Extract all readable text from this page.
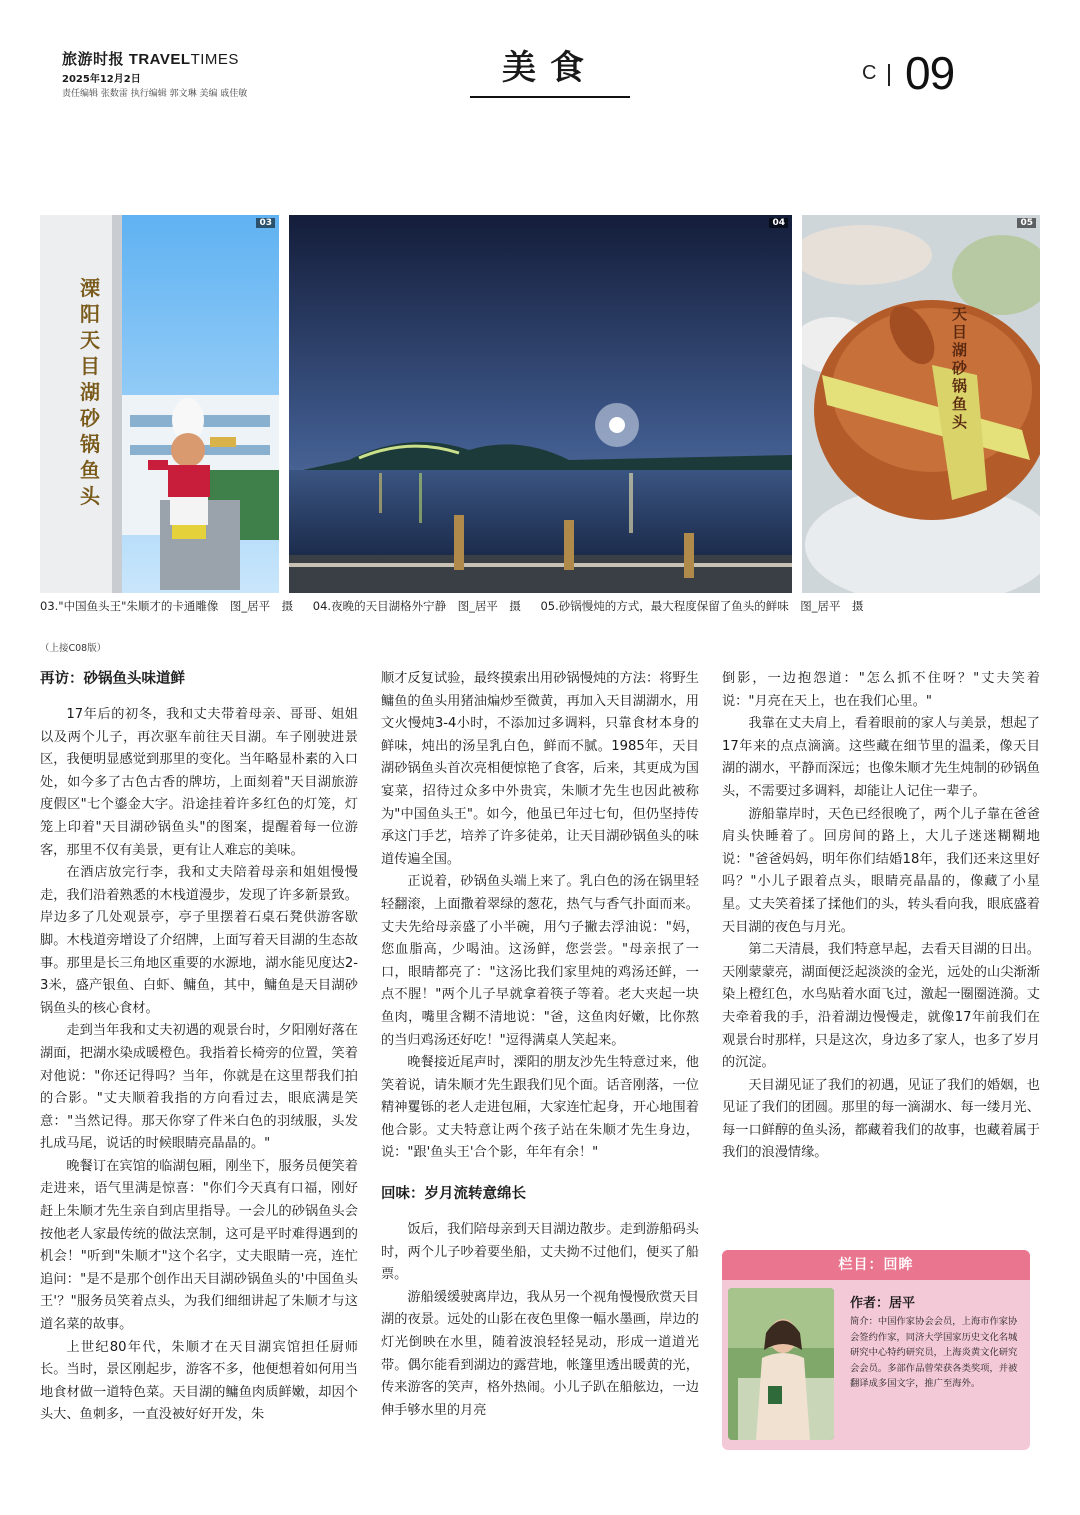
旅游时报 TRAVELTIMES
2025年12月2日
责任编辑 张数雷 执行编辑 郭文琳 美编 戚佳敏
美食	C 09
溧阳天目湖砂锅鱼头
03	04
天目湖砂锅鱼头
05
03."中国鱼头王"朱顺才的卡通雕像　图_居平　摄 04.夜晚的天目湖格外宁静　图_居平　摄 05.砂锅慢炖的方式，最大程度保留了鱼头的鲜味　图_居平　摄
（上接C08版）
再访：砂锅鱼头味道鲜

17年后的初冬，我和丈夫带着母亲、哥哥、姐姐以及两个儿子，再次驱车前往天目湖。车子刚驶进景区，我便明显感觉到那里的变化。当年略显朴素的入口处，如今多了古色古香的牌坊，上面刻着"天目湖旅游度假区"七个鎏金大字。沿途挂着许多红色的灯笼，灯笼上印着"天目湖砂锅鱼头"的图案，提醒着每一位游客，那里不仅有美景，更有让人难忘的美味。

在酒店放完行李，我和丈夫陪着母亲和姐姐慢慢走，我们沿着熟悉的木栈道漫步，发现了许多新景致。岸边多了几处观景亭，亭子里摆着石桌石凳供游客歇脚。木栈道旁增设了介绍牌，上面写着天目湖的生态故事。那里是长三角地区重要的水源地，湖水能见度达2-3米，盛产银鱼、白虾、鳙鱼，其中，鳙鱼是天目湖砂锅鱼头的核心食材。

走到当年我和丈夫初遇的观景台时，夕阳刚好落在湖面，把湖水染成暖橙色。我指着长椅旁的位置，笑着对他说："你还记得吗？当年，你就是在这里帮我们拍的合影。"丈夫顺着我指的方向看过去，眼底满是笑意："当然记得。那天你穿了件米白色的羽绒服，头发扎成马尾，说话的时候眼睛亮晶晶的。"

晚餐订在宾馆的临湖包厢，刚坐下，服务员便笑着走进来，语气里满是惊喜："你们今天真有口福，刚好赶上朱顺才先生亲自到店里指导。一会儿的砂锅鱼头会按他老人家最传统的做法烹制，这可是平时难得遇到的机会！"听到"朱顺才"这个名字，丈夫眼睛一亮，连忙追问："是不是那个创作出天目湖砂锅鱼头的'中国鱼头王'？"服务员笑着点头，为我们细细讲起了朱顺才与这道名菜的故事。

上世纪80年代，朱顺才在天目湖宾馆担任厨师长。当时，景区刚起步，游客不多，他便想着如何用当地食材做一道特色菜。天目湖的鳙鱼肉质鲜嫩，却因个头大、鱼刺多，一直没被好好开发，朱

顺才反复试验，最终摸索出用砂锅慢炖的方法：将野生鳙鱼的鱼头用猪油煸炒至微黄，再加入天目湖湖水，用文火慢炖3-4小时，不添加过多调料，只靠食材本身的鲜味，炖出的汤呈乳白色，鲜而不腻。1985年，天目湖砂锅鱼头首次亮相便惊艳了食客，后来，其更成为国宴菜，招待过众多中外贵宾，朱顺才先生也因此被称为"中国鱼头王"。如今，他虽已年过七旬，但仍坚持传承这门手艺，培养了许多徒弟，让天目湖砂锅鱼头的味道传遍全国。

正说着，砂锅鱼头端上来了。乳白色的汤在锅里轻轻翻滚，上面撒着翠绿的葱花，热气与香气扑面而来。丈夫先给母亲盛了小半碗，用勺子撇去浮油说："妈，您血脂高，少喝油。这汤鲜，您尝尝。"母亲抿了一口，眼睛都亮了："这汤比我们家里炖的鸡汤还鲜，一点不腥！"两个儿子早就拿着筷子等着。老大夹起一块鱼肉，嘴里含糊不清地说："爸，这鱼肉好嫩，比你熬的当归鸡汤还好吃！"逗得满桌人笑起来。

晚餐接近尾声时，溧阳的朋友沙先生特意过来，他笑着说，请朱顺才先生跟我们见个面。话音刚落，一位精神矍铄的老人走进包厢，大家连忙起身，开心地围着他合影。丈夫特意让两个孩子站在朱顺才先生身边，说："跟'鱼头王'合个影，年年有余！"

回味：岁月流转意绵长

饭后，我们陪母亲到天目湖边散步。走到游船码头时，两个儿子吵着要坐船，丈夫拗不过他们，便买了船票。

游船缓缓驶离岸边，我从另一个视角慢慢欣赏天目湖的夜景。远处的山影在夜色里像一幅水墨画，岸边的灯光倒映在水里，随着波浪轻轻晃动，形成一道道光带。偶尔能看到湖边的露营地，帐篷里透出暖黄的光，传来游客的笑声，格外热闹。小儿子趴在船舷边，一边伸手够水里的月亮

倒影，一边抱怨道："怎么抓不住呀？"丈夫笑着说："月亮在天上，也在我们心里。"

我靠在丈夫肩上，看着眼前的家人与美景，想起了17年来的点点滴滴。这些藏在细节里的温柔，像天目湖的湖水，平静而深远；也像朱顺才先生炖制的砂锅鱼头，不需要过多调料，却能让人记住一辈子。

游船靠岸时，天色已经很晚了，两个儿子靠在爸爸肩头快睡着了。回房间的路上，大儿子迷迷糊糊地说："爸爸妈妈，明年你们结婚18年，我们还来这里好吗？"小儿子跟着点头，眼睛亮晶晶的，像藏了小星星。丈夫笑着揉了揉他们的头，转头看向我，眼底盛着天目湖的夜色与月光。

第二天清晨，我们特意早起，去看天目湖的日出。天刚蒙蒙亮，湖面便泛起淡淡的金光，远处的山尖渐渐染上橙红色，水鸟贴着水面飞过，激起一圈圈涟漪。丈夫牵着我的手，沿着湖边慢慢走，就像17年前我们在观景台时那样，只是这次，身边多了家人，也多了岁月的沉淀。

天目湖见证了我们的初遇，见证了我们的婚姻，也见证了我们的团圆。那里的每一滴湖水、每一缕月光、每一口鲜醇的鱼头汤，都藏着我们的故事，也藏着属于我们的浪漫情缘。

栏目：回眸
作者：居平
简介：中国作家协会会员，上海市作家协会签约作家，同济大学国家历史文化名城研究中心特约研究员，上海炎黄文化研究会会员。多部作品曾荣获各类奖项，并被翻译成多国文字，推广至海外。
